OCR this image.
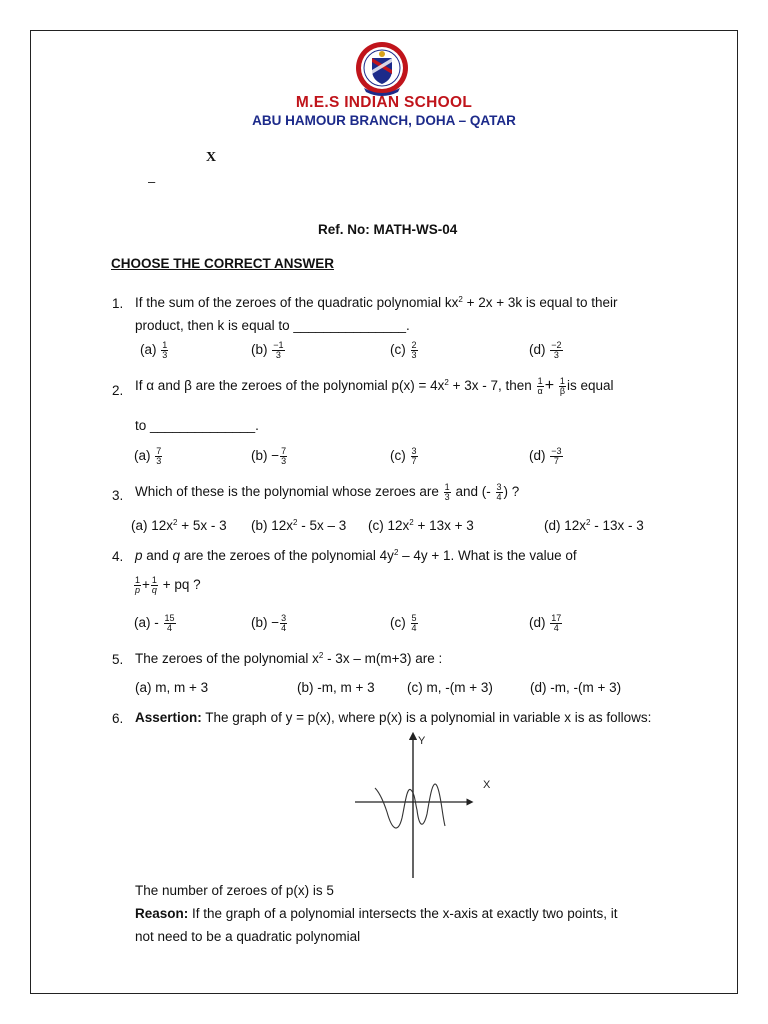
M.E.S INDIAN SCHOOL
ABU HAMOUR BRANCH, DOHA – QATAR
X
–
Ref. No: MATH-WS-04
CHOOSE THE CORRECT ANSWER
1. If the sum of the zeroes of the quadratic polynomial $kx^2 + 2x + 3k$ is equal to their
product, then k is equal to _______________.
$(a) \frac{1}{3}$	$(b) \frac{-1}{3}$	$(c) \frac{2}{3}$	$(d) \frac{-2}{3}$
2. If α and β are the zeroes of the polynomial $p(x) = 4x^2 + 3x - 7$, then $\frac{1}{\alpha} + \frac{1}{\beta}$ is equal
to ______________.
$(a) \frac{7}{3}$	$(b) - \frac{7}{3}$	$(c) \frac{3}{7}$	$(d) \frac{-3}{7}$
3. Which of these is the polynomial whose zeroes are $\frac{1}{3}$ and (- $\frac{3}{4}$ ) ?
(a) $12x^2 + 5x - 3$ (b) $12x^2 - 5x - 3$ (c) $12x^2 + 13x + 3$	(d) $12x^2 - 13x - 3$
4. p and q are the zeroes of the polynomial $4y^2 - 4y + 1$. What is the value of
$\frac{1}{p} + \frac{1}{q}$ + pq ?
$(a) - \frac{15}{4}$	$(b) - \frac{3}{4}$	$(c) \frac{5}{4}$	$(d) \frac{17}{4}$
5. The zeroes of the polynomial $x^2 - 3x - m(m+3)$ are :
(a) m, m + 3	(b) -m, m + 3 (c) m, -(m + 3)	(d) -m, -(m + 3)
6. Assertion: The graph of y = p(x), where p(x) is a polynomial in variable x is as follows:
Y
X
The number of zeroes of p(x) is 5
Reason: If the graph of a polynomial intersects the x-axis at exactly two points, it
not need to be a quadratic polynomial
